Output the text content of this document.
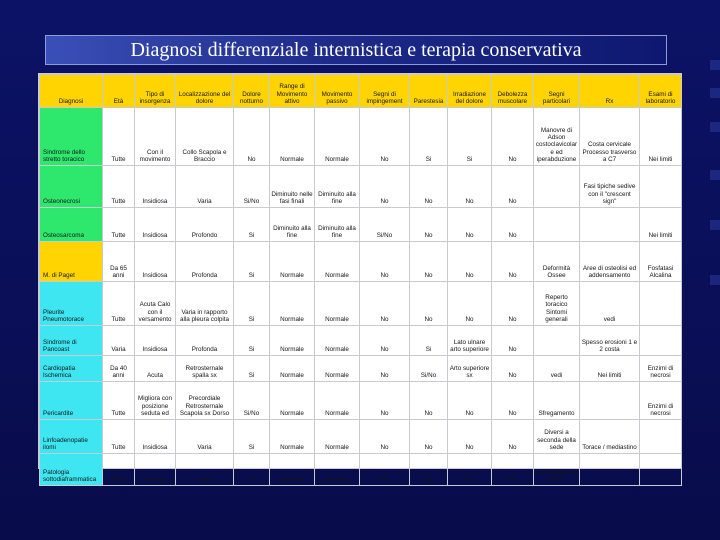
Diagnosi differenziale internistica e terapia conservativa
Diagnosi	Età	Tipo di insorgenza	Localizzazione del dolore	Dolore notturno	Range di Movimento attivo	Movimento passivo	Segni di impingement	Parestesia	Irradiazione del dolore	Debolezza muscolare	Segni particolari	Rx	Esami di laboratorio
Sindrome dello stretto toracico	Tutte	Con il movimento	Collo Scapola e Braccio	No	Normale	Normale	No	Si	Si	No	Manovre di Adson costoclavicolare ed iperabduzione	Costa cervicale Processo trasverso a C7	Nei limiti
Osteonecrosi	Tutte	Insidiosa	Varia	Si/No	Diminuito nelle fasi finali	Diminuito alla fine	No	No	No	No		Fasi tipiche sedive con il "crescent sign"	
Osteosarcoma	Tutte	Insidiosa	Profondo	Si	Diminuito alla fine	Diminuito alla fine	Si/No	No	No	No			Nei limiti
M. di Paget	Da 65 anni	Insidiosa	Profonda	Si	Normale	Normale	No	No	No	No	Deformità Ossee	Aree di osteolisi ed addensamento	Fosfatasi Alcalina
Pleurite Pneumotorace	Tutte	Acuta Calo con il versamento	Varia in rapporto alla pleura colpita	Si	Normale	Normale	No	No	No	No	Reperto toracico Sintomi generali	vedi	
Sindrome di Pancoast	Varia	Insidiosa	Profonda	Si	Normale	Normale	No	Si	Lato ulnare arto superiore	No		Spesso erosioni 1 e 2 costa	
Cardiopatia Ischemica	Da 40 anni	Acuta	Retrosternale spalla sx	Si	Normale	Normale	No	Si/No	Arto superiore sx	No	vedi	Nei limiti	Enzimi di necrosi
Pericardite	Tutte	Migliora con posizione seduta ed	Precordiale Retrosternale Scapola sx Dorso	Si/No	Normale	Normale	No	No	No	No	Sfregamento		Enzimi di necrosi
Linfoadenopatie ilomi	Tutte	Insidiosa	Varia	Si	Normale	Normale	No	No	No	No	Diversi a seconda della sede	Torace / mediastino	
Patologia sottodiaframmatica	Tutte	Insidiosa	Varia	Si	Normale	Normale	No	No	No	No	Vedi malattia di base		
